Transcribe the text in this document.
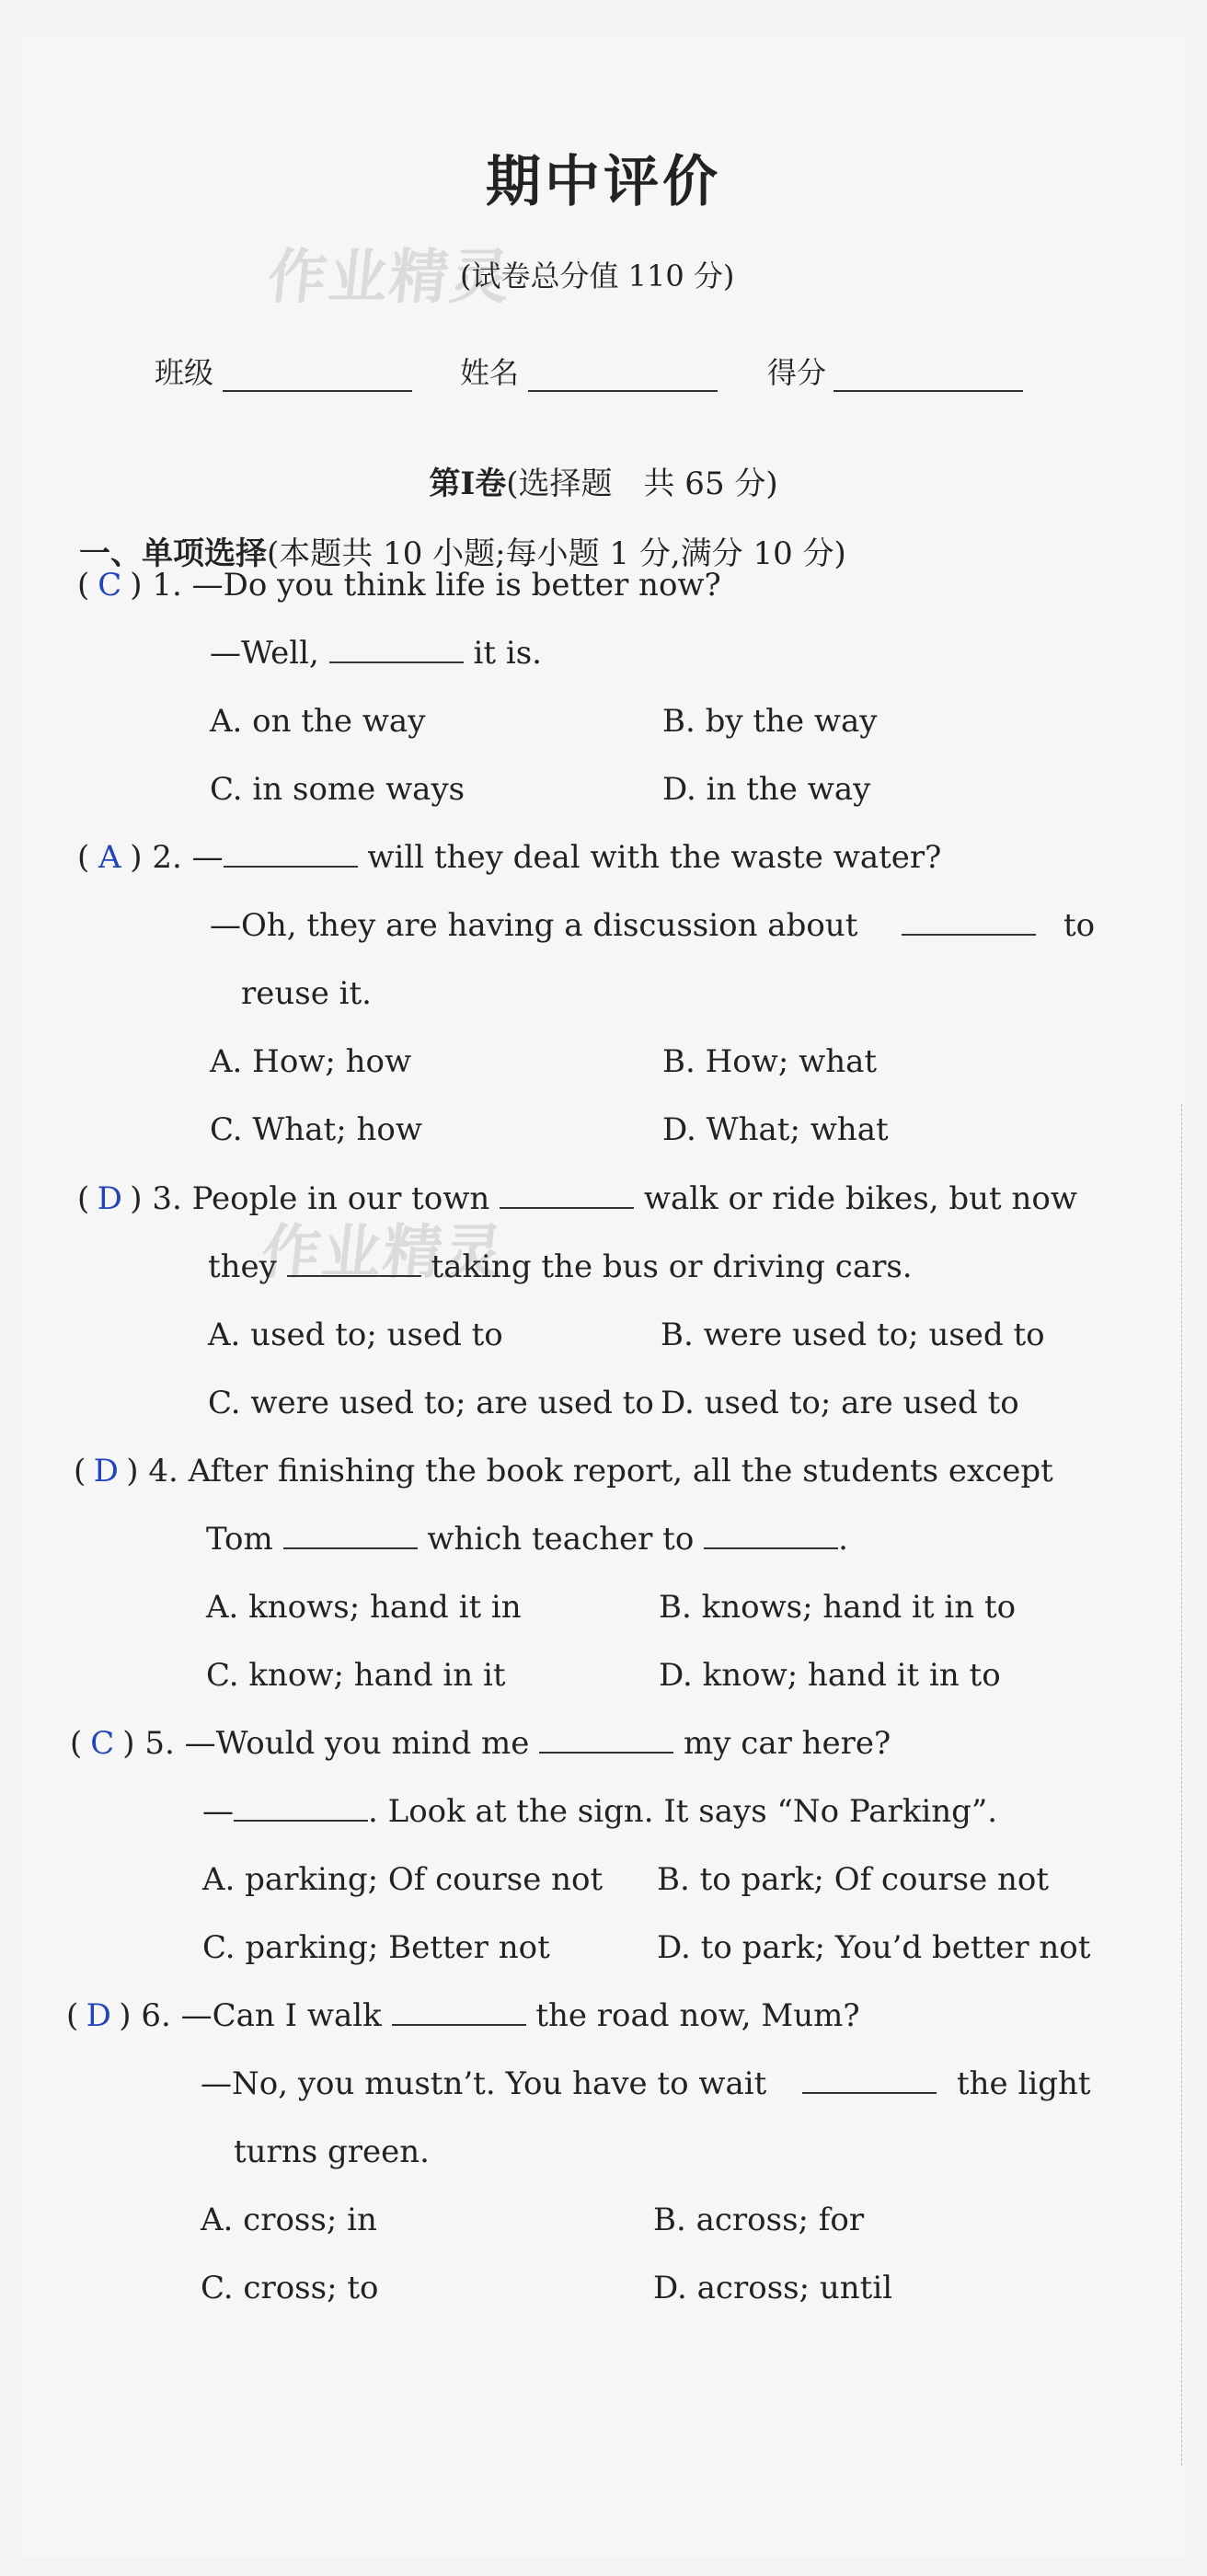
作业精灵
作业精灵
期中评价
(试卷总分值 110 分)
班级	姓名	得分
第Ⅰ卷(选择题　共 65 分)
一、单项选择(本题共 10 小题;每小题 1 分,满分 10 分)
( C ) 1. —Do you think life is better now?
—Well,	it is.
A. on the way	B. by the way
C. in some ways	D. in the way
( A ) 2. —	will they deal with the waste water?
—Oh, they are having a discussion about	to
reuse it.
A. How; how	B. How; what
C. What; how	D. What; what
( D ) 3. People in our town	walk or ride bikes, but now
they	taking the bus or driving cars.
A. used to; used to	B. were used to; used to
C. were used to; are used to D. used to; are used to
( D ) 4. After finishing the book report, all the students except
Tom	which teacher to	.
A. knows; hand it in	B. knows; hand it in to
C. know; hand in it	D. know; hand it in to
( C ) 5. —Would you mind me	my car here?
—	. Look at the sign. It says “No Parking”.
A. parking; Of course not B. to park; Of course not
C. parking; Better not	D. to park; You’d better not
( D ) 6. —Can I walk	the road now, Mum?
—No, you mustn’t. You have to wait	the light
turns green.
A. cross; in	B. across; for
C. cross; to	D. across; until
